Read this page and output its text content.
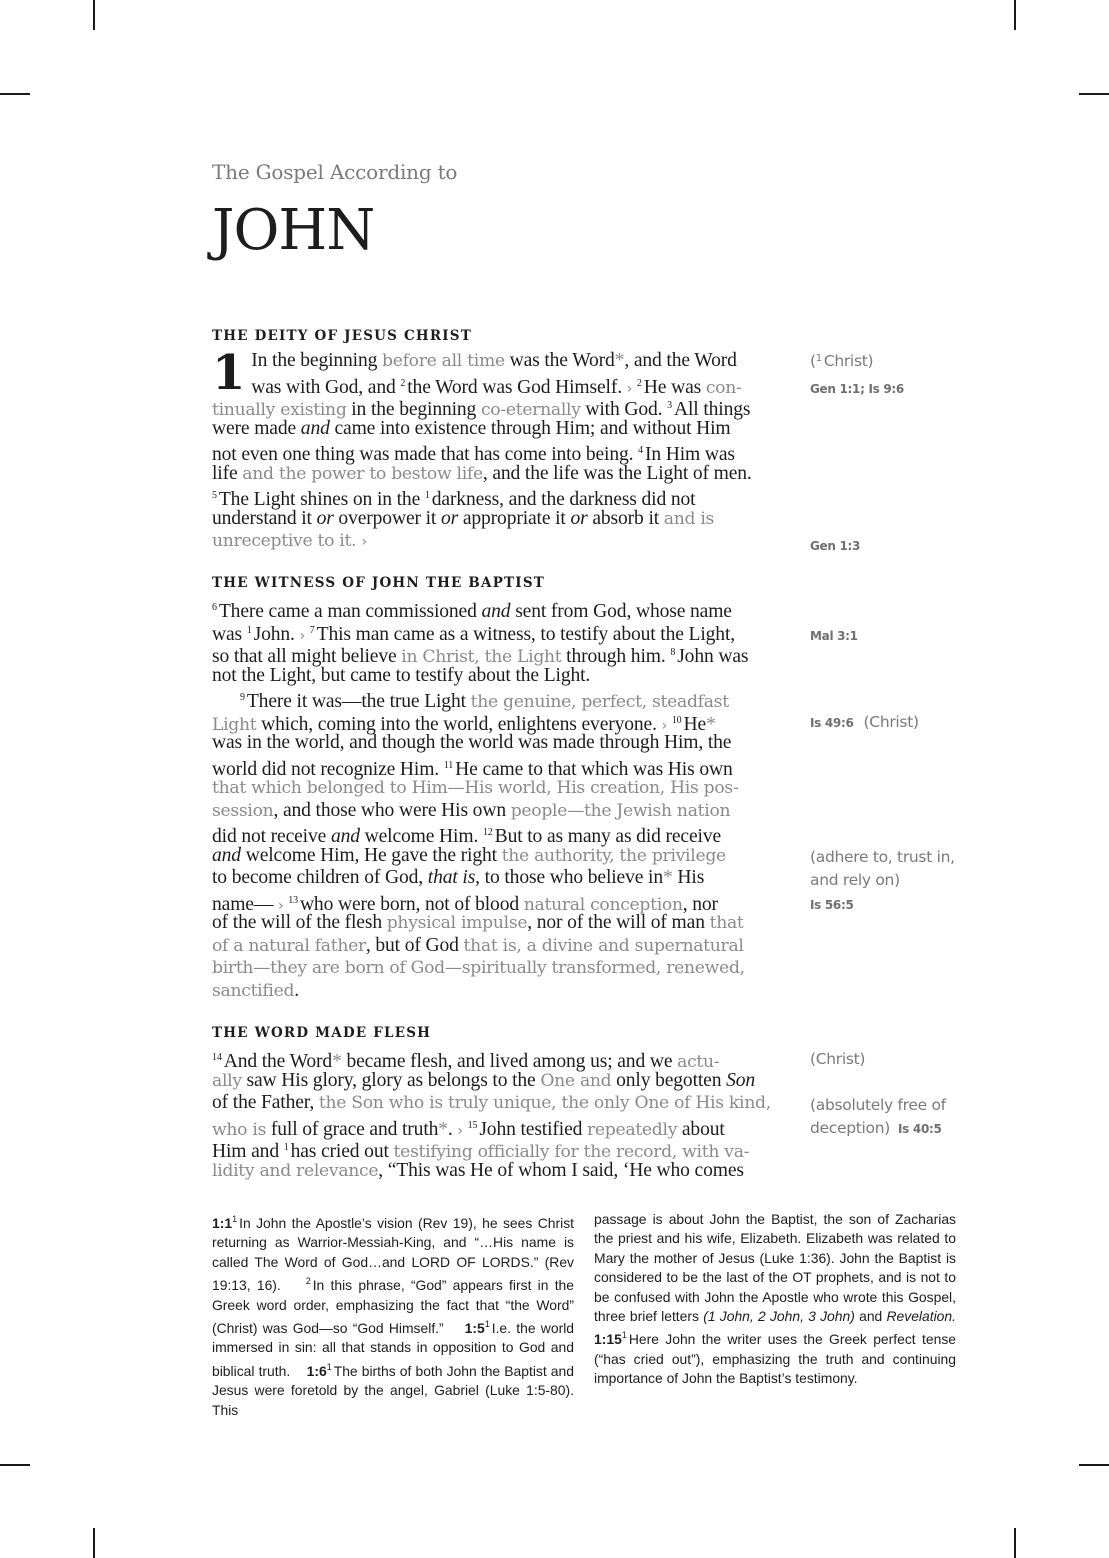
The Gospel According to
JOHN
THE DEITY OF JESUS CHRIST
1 In the beginning before all time was the Word*, and the Word
was with God, and $^2$ the Word was God Himself. › $^2$ He was con-
tinually existing in the beginning co-eternally with God. $^3$ All things
were made and came into existence through Him; and without Him
not even one thing was made that has come into being. $^4$ In Him was
life and the power to bestow life, and the life was the Light of men.
$^5$ The Light shines on in the $^1$ darkness, and the darkness did not
understand it or overpower it or appropriate it or absorb it and is
unreceptive to it. ›
THE WITNESS OF JOHN THE BAPTIST
$^6$ There came a man commissioned and sent from God, whose name
was $^1$ John. › $^7$ This man came as a witness, to testify about the Light,
so that all might believe in Christ, the Light through him. $^8$ John was
not the Light, but came to testify about the Light.
$^9$ There it was—the true Light the genuine, perfect, steadfast
Light which, coming into the world, enlightens everyone. › $^{10}$ He*
was in the world, and though the world was made through Him, the
world did not recognize Him. $^{11}$ He came to that which was His own
that which belonged to Him—His world, His creation, His pos-
session, and those who were His own people—the Jewish nation
did not receive and welcome Him. $^{12}$ But to as many as did receive
and welcome Him, He gave the right the authority, the privilege
to become children of God, that is, to those who believe in* His
name— › $^{13}$ who were born, not of blood natural conception, nor
of the will of the flesh physical impulse, nor of the will of man that
of a natural father, but of God that is, a divine and supernatural
birth—they are born of God—spiritually transformed, renewed,
sanctified.
THE WORD MADE FLESH
$^{14}$ And the Word* became flesh, and lived among us; and we actu-
ally saw His glory, glory as belongs to the One and only begotten Son
of the Father, the Son who is truly unique, the only One of His kind,
who is full of grace and truth*. › $^{15}$ John testified repeatedly about
Him and $^1$ has cried out testifying officially for the record, with va-
lidity and relevance, “This was He of whom I said, ‘He who comes
($^1$ Christ)
Gen 1:1; Is 9:6
Gen 1:3
Mal 3:1
Is 49:6 (Christ)
(adhere to, trust in,
and rely on)
Is 56:5
(Christ)
(absolutely free of
deception) Is 40:5
$1:1^1$ In John the Apostle’s vision (Rev 19), he sees Christ returning as Warrior-Messiah-King, and “…His name is called The Word of God…and LORD OF LORDS.” (Rev 19:13, 16).	$^2$ In this phrase, “God” appears first in the Greek word order, emphasizing the fact that “the Word” (Christ) was God—so “God Himself.” $1:5^1$ I.e. the world immersed in sin: all that stands in opposition to God and biblical truth. $1:6^1$ The births of both John the Baptist and Jesus were foretold by the angel, Gabriel (Luke 1:5-80). This
passage is about John the Baptist, the son of Zacharias the priest and his wife, Elizabeth. Elizabeth was related to Mary the mother of Jesus (Luke 1:36). John the Baptist is considered to be the last of the OT prophets, and is not to be confused with John the Apostle who wrote this Gospel, three brief letters (1 John, 2 John, 3 John) and Revelation. $1:15^1$ Here John the writer uses the Greek perfect tense (“has cried out”), emphasizing the truth and continuing importance of John the Baptist’s testimony.
